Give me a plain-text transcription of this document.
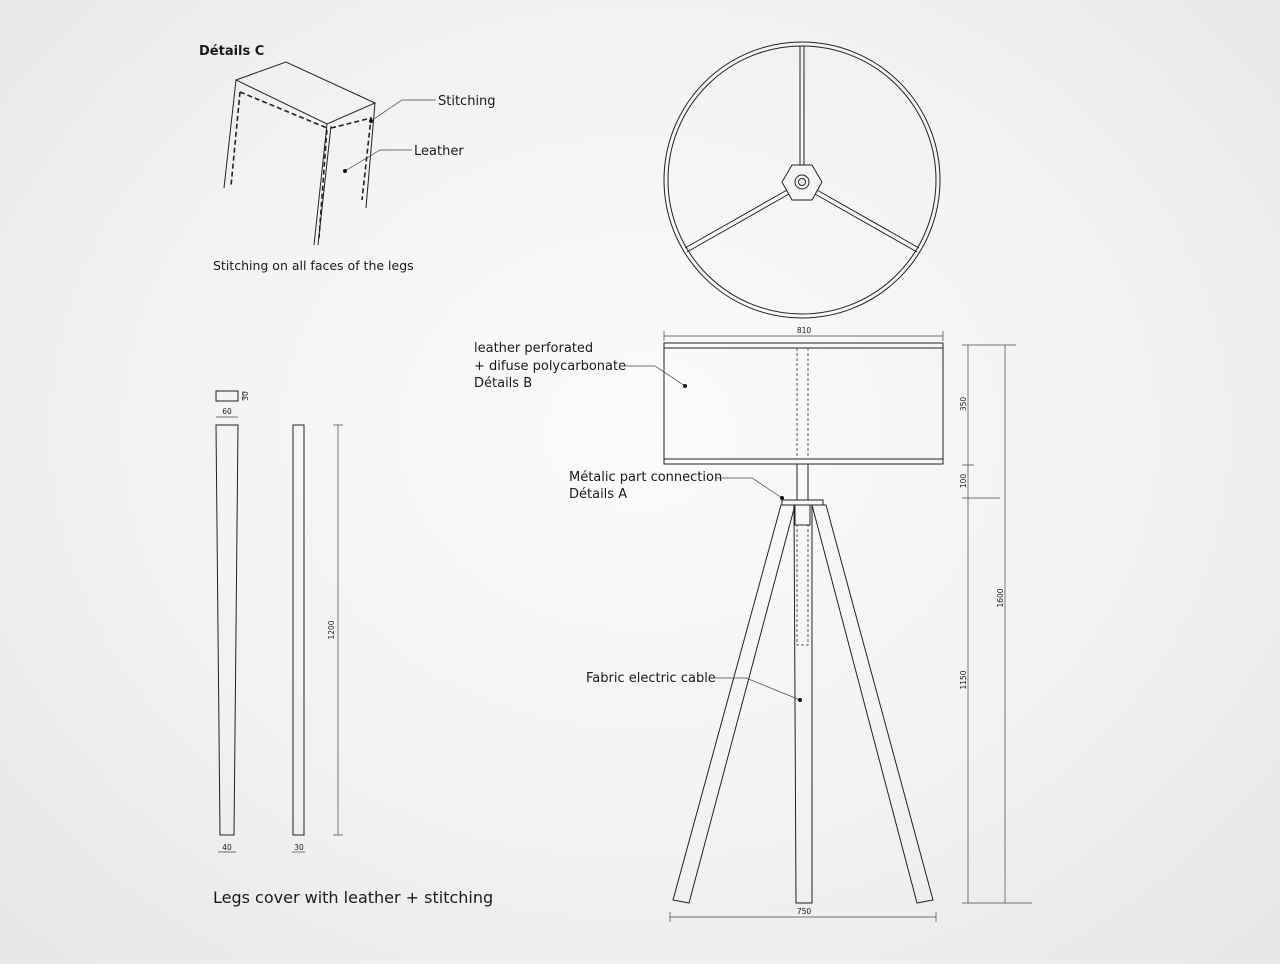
Détails C
Stitching
Leather
Stitching on all faces of the legs
30
60
1200
40	30
Legs cover with leather + stitching
810
750
350
100
1150
1600
leather perforated
+ difuse polycarbonate
Détails B
Métalic part connection
Détails A
Fabric electric cable
